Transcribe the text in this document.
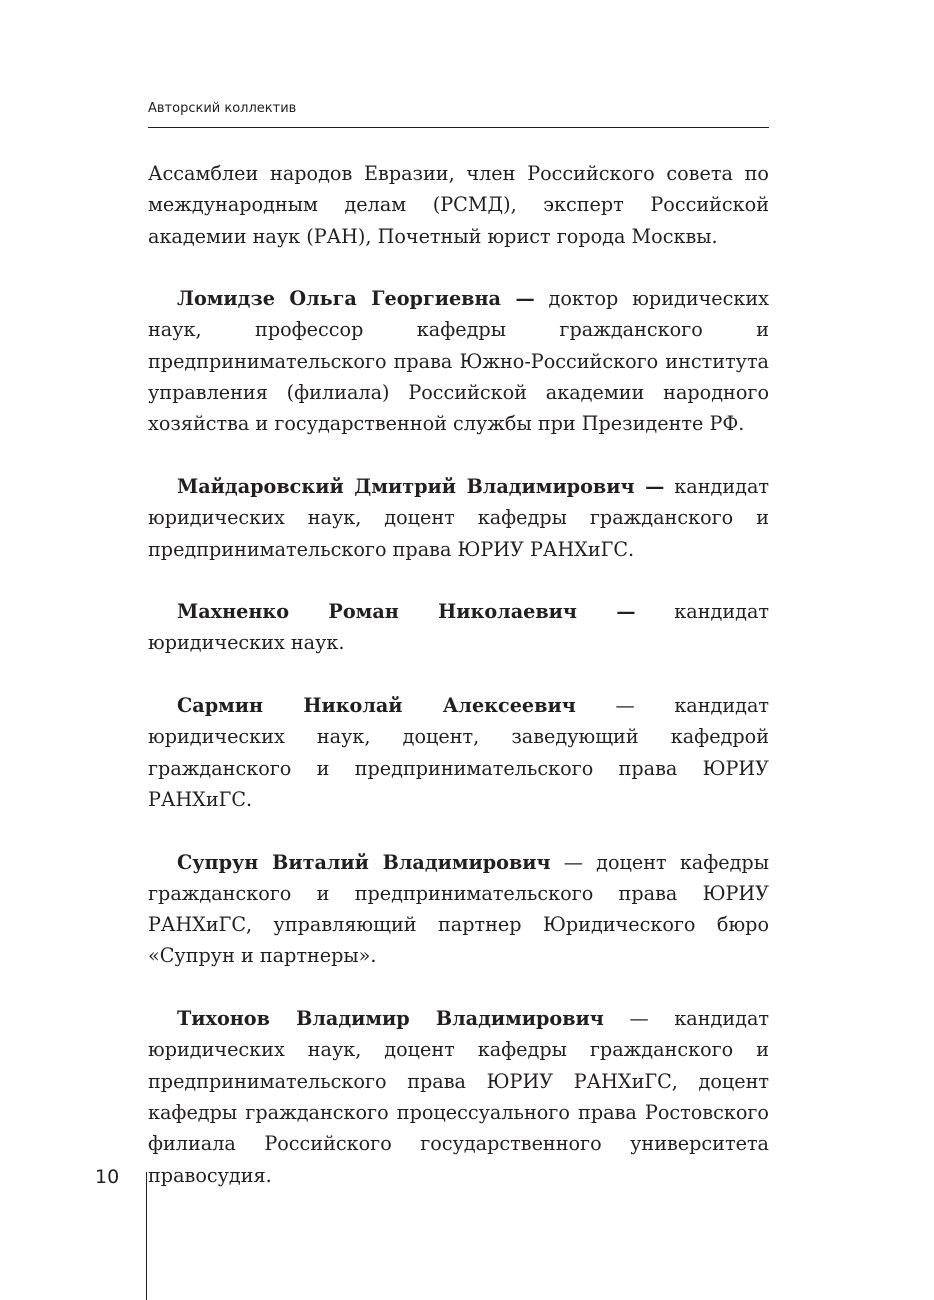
Авторский коллектив

Ассамблеи народов Евразии, член Российского совета по международным делам (РСМД), эксперт Российской академии наук (РАН), Почетный юрист города Москвы.

Ломидзе Ольга Георгиевна — доктор юридических наук, профессор кафедры гражданского и предпринимательского права Южно-Российского института управления (филиала) Российской академии народного хозяйства и государственной службы при Президенте РФ.

Майдаровский Дмитрий Владимирович — кандидат юридических наук, доцент кафедры гражданского и предпринимательского права ЮРИУ РАНХиГС.

Махненко Роман Николаевич — кандидат юридических наук.

Сармин Николай Алексеевич — кандидат юридических наук, доцент, заведующий кафедрой гражданского и предпринимательского права ЮРИУ РАНХиГС.

Супрун Виталий Владимирович — доцент кафедры гражданского и предпринимательского права ЮРИУ РАНХиГС, управляющий партнер Юридического бюро «Супрун и партнеры».

Тихонов Владимир Владимирович — кандидат юридических наук, доцент кафедры гражданского и предпринимательского права ЮРИУ РАНХиГС, доцент кафедры гражданского процессуального права Ростовского филиала Российского государственного университета правосудия.

10
